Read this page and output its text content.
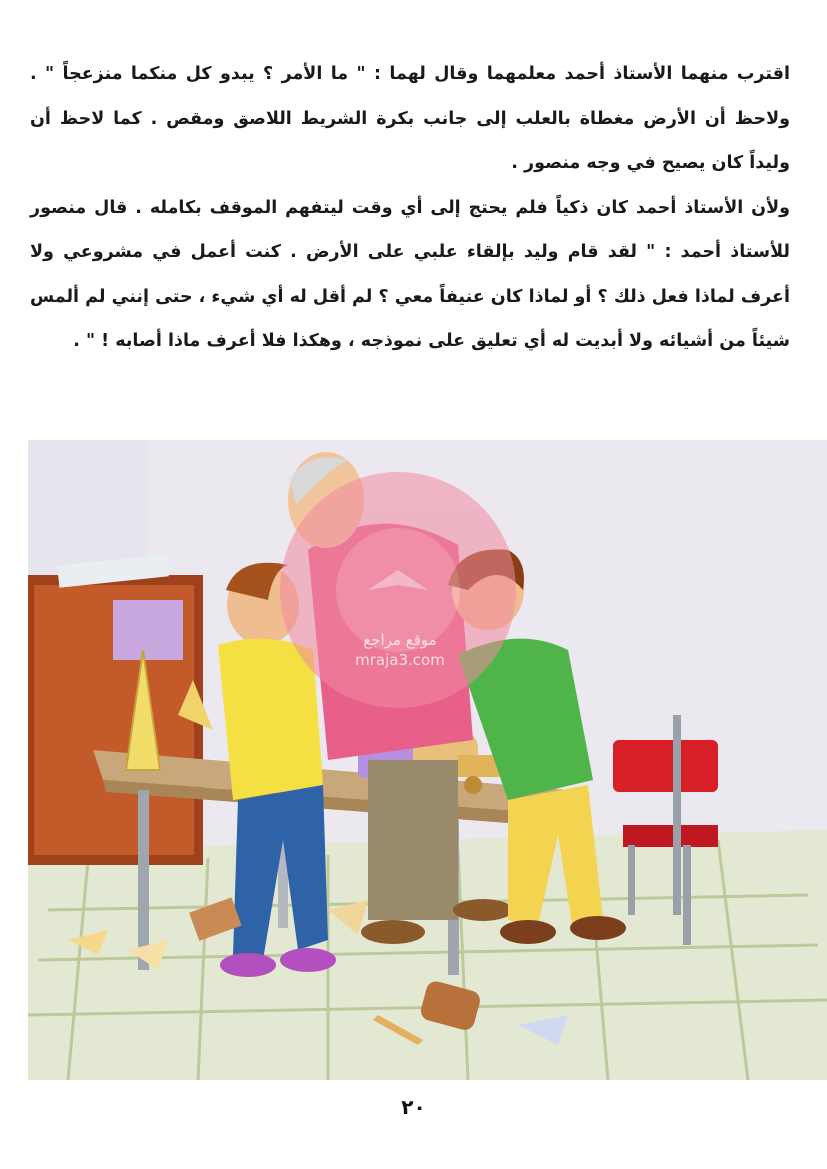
اقترب منهما الأستاذ أحمد معلمهما وقال لهما : " ما الأمر ؟ يبدو كل منكما منزعجاً " . ولاحظ أن الأرض مغطاة بالعلب إلى جانب بكرة الشريط اللاصق ومقص . كما لاحظ أن وليداً كان يصيح في وجه منصور .

ولأن الأستاذ أحمد كان ذكياً فلم يحتج إلى أي وقت ليتفهم الموقف بكامله . قال منصور للأستاذ أحمد : " لقد قام وليد بإلقاء علبي على الأرض . كنت أعمل في مشروعي ولا أعرف لماذا فعل ذلك ؟ أو لماذا كان عنيفاً معي ؟ لم أقل له أي شيء ، حتى إنني لم ألمس شيئاً من أشيائه ولا أبديت له أي تعليق على نموذجه ، وهكذا فلا أعرف ماذا أصابه ! " .

موقع مراجع
mraja3.com
٢٠
